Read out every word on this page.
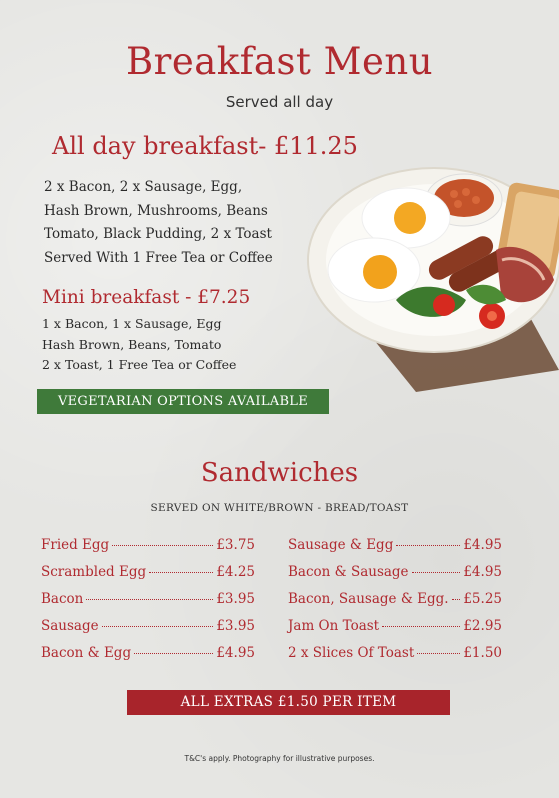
Breakfast Menu
Served all day
All day breakfast- £11.25
2 x Bacon, 2 x Sausage, Egg,
Hash Brown, Mushrooms, Beans
Tomato, Black Pudding, 2 x Toast
Served With 1 Free Tea or Coffee
Mini breakfast - £7.25
1 x Bacon, 1 x Sausage, Egg
Hash Brown, Beans, Tomato
2 x Toast, 1 Free Tea or Coffee
VEGETARIAN OPTIONS AVAILABLE
Sandwiches
SERVED ON WHITE/BROWN - BREAD/TOAST
Fried Egg	£3.75
Scrambled Egg	£4.25
Bacon	£3.95
Sausage	£3.95
Bacon & Egg	£4.95
Sausage & Egg	£4.95
Bacon & Sausage	£4.95
Bacon, Sausage & Egg. £5.25
Jam On Toast	£2.95
2 x Slices Of Toast	£1.50
ALL EXTRAS £1.50 PER ITEM
T&C's apply. Photography for illustrative purposes.
